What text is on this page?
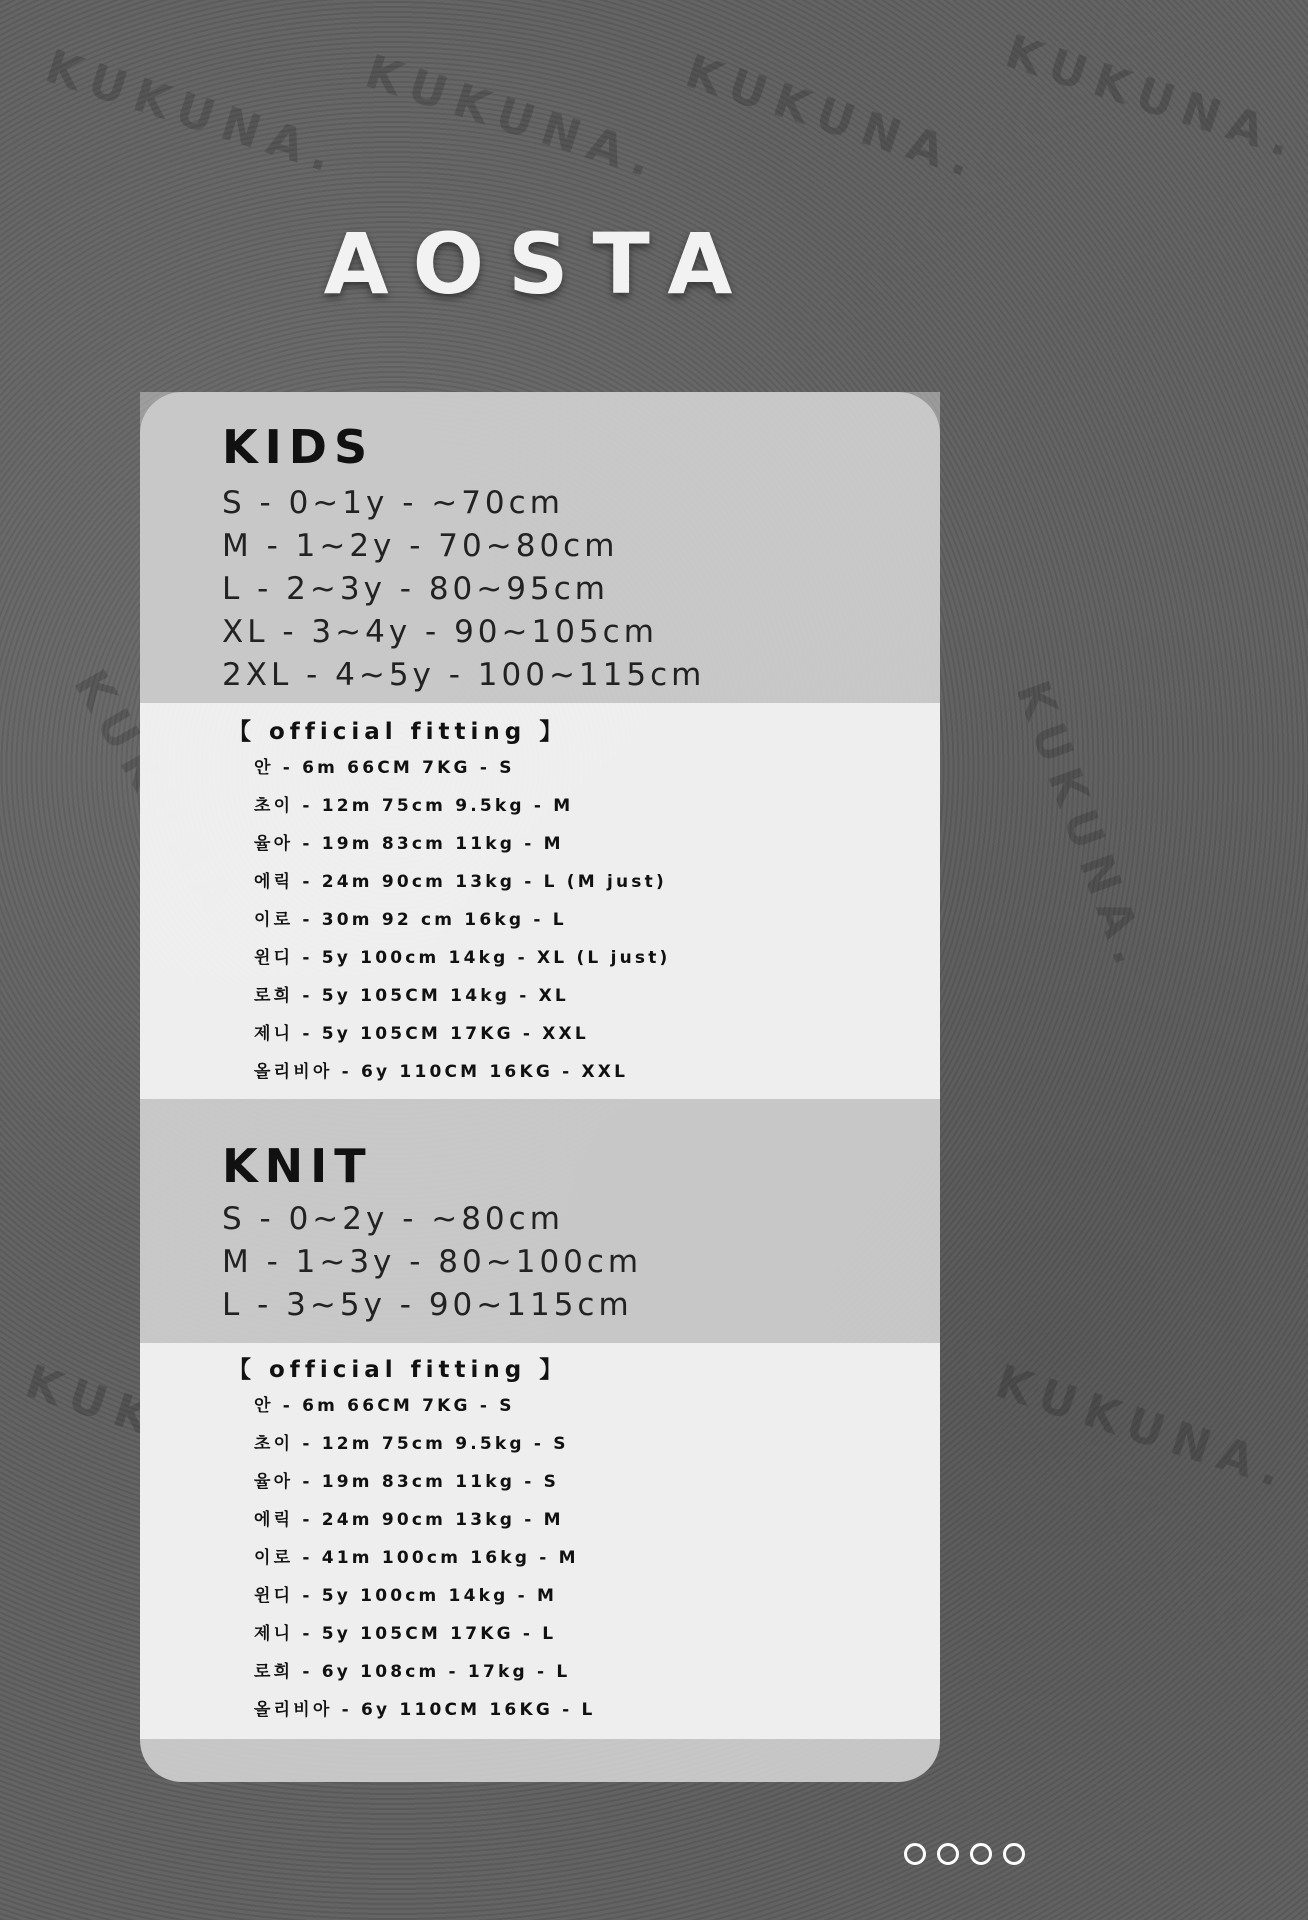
KUKUNA. KUKUNA. KUKUNA. KUKUNA.
KUKUNA.
KUKUNA.
AOSTA
KIDS
S - 0~1y - ~70cm
M - 1~2y - 70~80cm
L - 2~3y - 80~95cm
XL - 3~4y - 90~105cm
2XL - 4~5y - 100~115cm
【 official fitting 】
안 - 6m 66CM 7KG - S
초이 - 12m 75cm 9.5kg - M
율아 - 19m 83cm 11kg - M
에릭 - 24m 90cm 13kg - L (M just)
이로 - 30m 92 cm 16kg - L
윈디 - 5y 100cm 14kg - XL (L just)
로희 - 5y 105CM 14kg - XL
제니 - 5y 105CM 17KG - XXL
올리비아 - 6y 110CM 16KG - XXL
KNIT
S - 0~2y - ~80cm
M - 1~3y - 80~100cm
L - 3~5y - 90~115cm
【 official fitting 】
안 - 6m 66CM 7KG - S
초이 - 12m 75cm 9.5kg - S
율아 - 19m 83cm 11kg - S
에릭 - 24m 90cm 13kg - M
이로 - 41m 100cm 16kg - M
윈디 - 5y 100cm 14kg - M
제니 - 5y 105CM 17KG - L
로희 - 6y 108cm - 17kg - L
올리비아 - 6y 110CM 16KG - L
